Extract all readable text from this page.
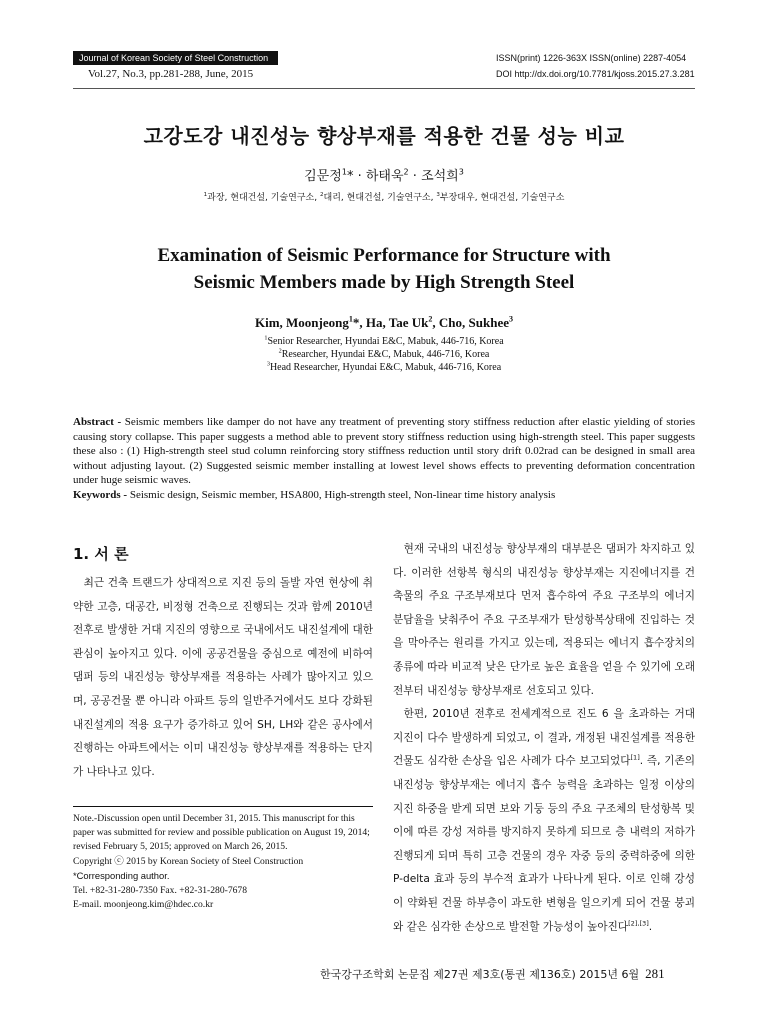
Journal of Korean Society of Steel Construction
Vol.27, No.3, pp.281-288, June, 2015
ISSN(print) 1226-363X ISSN(online) 2287-4054
DOI http://dx.doi.org/10.7781/kjoss.2015.27.3.281
고강도강 내진성능 향상부재를 적용한 건물 성능 비교
김문정$^1$* · 하태욱$^2$ · 조석희$^3$
$^1$과장, 현대건설, 기술연구소, $^2$대리, 현대건설, 기술연구소, $^3$부장대우, 현대건설, 기술연구소
Examination of Seismic Performance for Structure with
Seismic Members made by High Strength Steel
Kim, Moonjeong$^1$*, Ha, Tae Uk$^2$, Cho, Sukhee$^3$
$^1$Senior Researcher, Hyundai E&C, Mabuk, 446-716, Korea
$^2$Researcher, Hyundai E&C, Mabuk, 446-716, Korea
$^3$Head Researcher, Hyundai E&C, Mabuk, 446-716, Korea

Abstract - Seismic members like damper do not have any treatment of preventing story stiffness reduction after elastic yielding of stories causing story collapse. This paper suggests a method able to prevent story stiffness reduction using high-strength steel. This paper suggests these also : (1) High-strength steel stud column reinforcing story stiffness reduction until story drift 0.02rad can be designed in small area without adjusting layout. (2) Suggested seismic member installing at lowest level shows effects to preventing deformation concentration under huge seismic waves.

Keywords - Seismic design, Seismic member, HSA800, High-strength steel, Non-linear time history analysis

1. 서 론

최근 건축 트랜드가 상대적으로 지진 등의 돌발 자연 현상에 취약한 고층, 대공간, 비정형 건축으로 진행되는 것과 함께 2010년 전후로 발생한 거대 지진의 영향으로 국내에서도 내진설계에 대한 관심이 높아지고 있다. 이에 공공건물을 중심으로 예전에 비하여 댐퍼 등의 내진성능 향상부재를 적용하는 사례가 많아지고 있으며, 공공건물 뿐 아니라 아파트 등의 일반주거에서도 보다 강화된 내진설계의 적용 요구가 증가하고 있어 SH, LH와 같은 공사에서 진행하는 아파트에서는 이미 내진성능 향상부재를 적용하는 단지가 나타나고 있다.

Note.-Discussion open until December 31, 2015. This manuscript for this paper was submitted for review and possible publication on August 19, 2014; revised February 5, 2015; approved on March 26, 2015.

Copyright ⓒ 2015 by Korean Society of Steel Construction

*Corresponding author.

Tel. +82-31-280-7350 Fax. +82-31-280-7678

E-mail. moonjeong.kim@hdec.co.kr

현재 국내의 내진성능 향상부재의 대부분은 댐퍼가 차지하고 있다. 이러한 선항복 형식의 내진성능 향상부재는 지진에너지를 건축물의 주요 구조부재보다 먼저 흡수하여 주요 구조부의 에너지 분담율을 낮춰주어 주요 구조부재가 탄성항복상태에 진입하는 것을 막아주는 원리를 가지고 있는데, 적용되는 에너지 흡수장치의 종류에 따라 비교적 낮은 단가로 높은 효율을 얻을 수 있기에 오래전부터 내진성능 향상부재로 선호되고 있다.

한편, 2010년 전후로 전세계적으로 진도 6 을 초과하는 거대 지진이 다수 발생하게 되었고, 이 결과, 개정된 내진설계를 적용한 건물도 심각한 손상을 입은 사례가 다수 보고되었다[1]. 즉, 기존의 내진성능 향상부재는 에너지 흡수 능력을 초과하는 일정 이상의 지진 하중을 받게 되면 보와 기둥 등의 주요 구조체의 탄성항복 및 이에 따른 강성 저하를 방지하지 못하게 되므로 층 내력의 저하가 진행되게 되며 특히 고층 건물의 경우 자중 등의 중력하중에 의한 P-delta 효과 등의 부수적 효과가 나타나게 된다. 이로 인해 강성이 약화된 건물 하부층이 과도한 변형을 일으키게 되어 건물 붕괴와 같은 심각한 손상으로 발전할 가능성이 높아진다[2],[3].

한국강구조학회 논문집 제27권 제3호(통권 제136호) 2015년 6월 281
